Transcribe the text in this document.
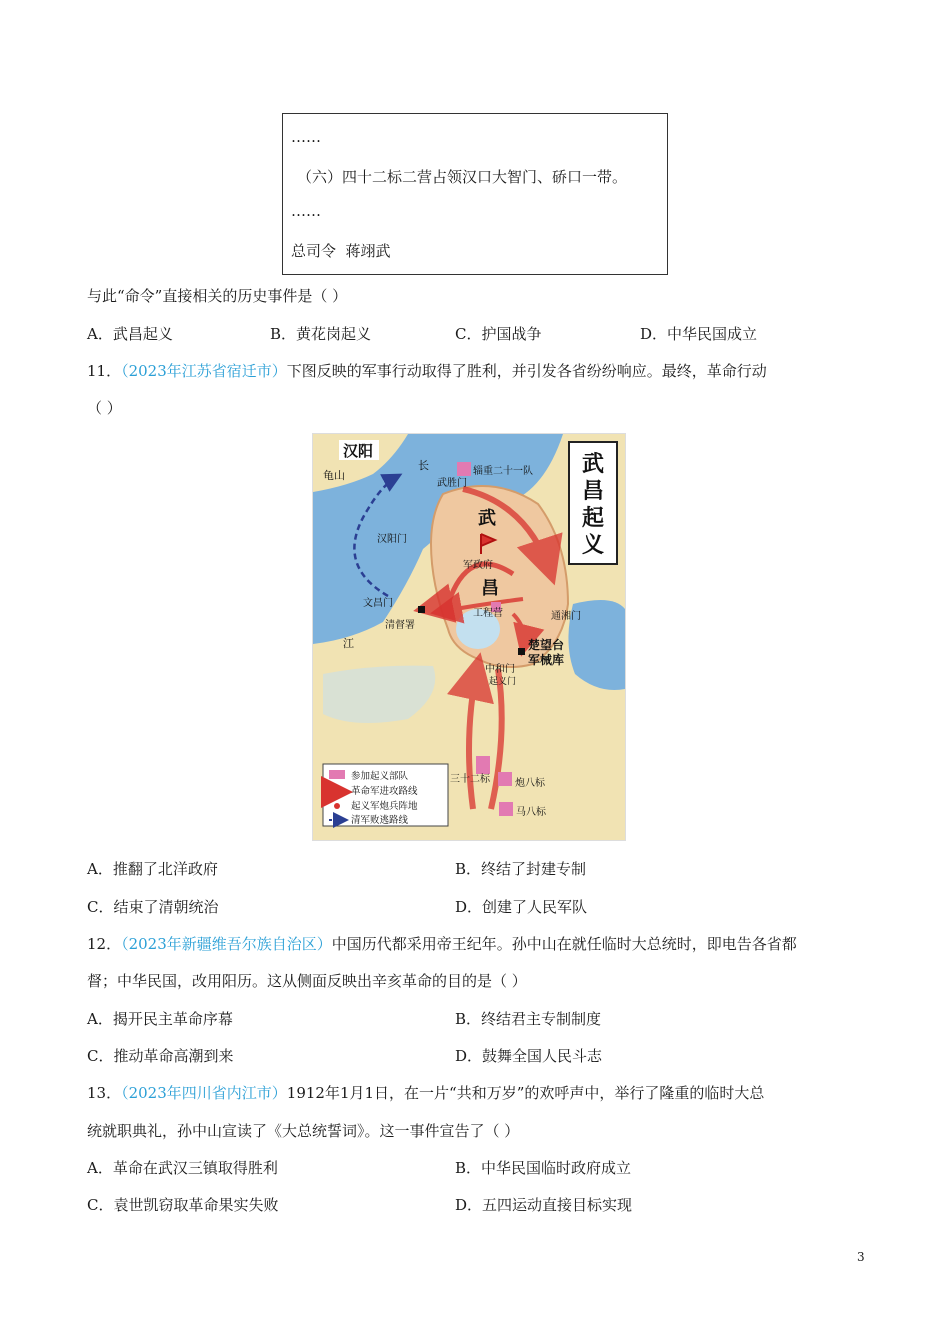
……
（六）四十二标二营占领汉口大智门、硚口一带。
……
总司令  蒋翊武
与此“命令”直接相关的历史事件是（ ）
A．武昌起义	B．黄花岗起义	C．护国战争	D．中华民国成立
11．（2023年江苏省宿迁市）下图反映的军事行动取得了胜利，并引发各省纷纷响应。最终，革命行动
（ ）
武
昌
起
义
汉阳
龟山
长
江
辎重二十一队
武胜门
武
汉阳门
军政府
昌
文昌门
工程营	通湘门
清督署
楚望台
军械库
中和门
起义门
三十二标	炮八标
马八标
参加起义部队
革命军进攻路线
起义军炮兵阵地
清军败逃路线
A．推翻了北洋政府	B．终结了封建专制
C．结束了清朝统治	D．创建了人民军队
12．（2023年新疆维吾尔族自治区）中国历代都采用帝王纪年。孙中山在就任临时大总统时，即电告各省都
督；中华民国，改用阳历。这从侧面反映出辛亥革命的目的是（ ）
A．揭开民主革命序幕	B．终结君主专制制度
C．推动革命高潮到来	D．鼓舞全国人民斗志
13．（2023年四川省内江市）1912年1月1日，在一片“共和万岁”的欢呼声中，举行了隆重的临时大总
统就职典礼，孙中山宣读了《大总统誓词》。这一事件宣告了（ ）
A．革命在武汉三镇取得胜利	B．中华民国临时政府成立
C．袁世凯窃取革命果实失败	D．五四运动直接目标实现
3
